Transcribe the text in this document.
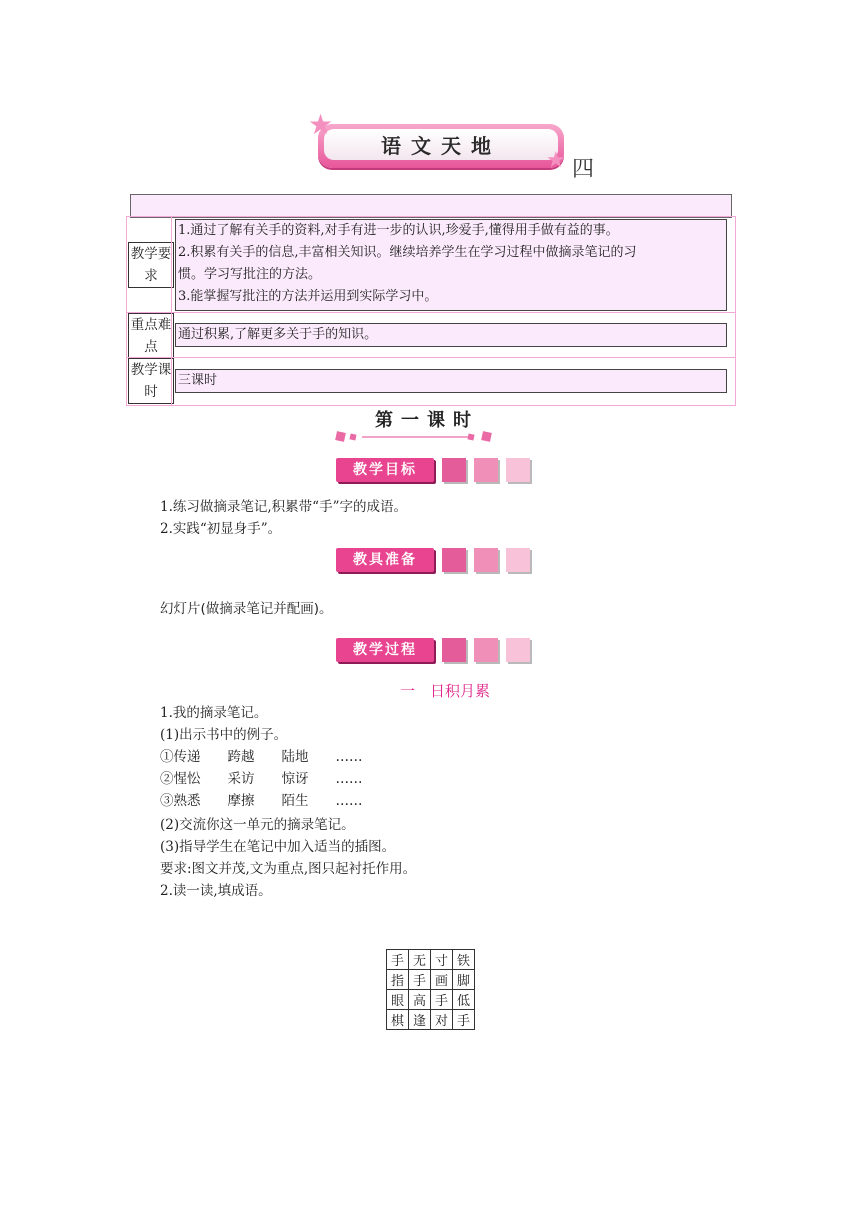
语文天地
★
★ 四
教学要求
1.通过了解有关手的资料,对手有进一步的认识,珍爱手,懂得用手做有益的事。
2.积累有关手的信息,丰富相关知识。继续培养学生在学习过程中做摘录笔记的习
惯。学习写批注的方法。
3.能掌握写批注的方法并运用到实际学习中。
重点难点
通过积累,了解更多关于手的知识。
教学课时
三课时
第一课时
教学目标
1.练习做摘录笔记,积累带“手”字的成语。
2.实践“初显身手”。
教具准备
幻灯片(做摘录笔记并配画)。
教学过程
一　日积月累
1.我的摘录笔记。
(1)出示书中的例子。
①传递　　跨越　　陆地　　……
②惺忪　　采访　　惊讶　　……
③熟悉　　摩擦　　陌生　　……
(2)交流你这一单元的摘录笔记。
(3)指导学生在笔记中加入适当的插图。
要求:图文并茂,文为重点,图只起衬托作用。
2.读一读,填成语。
手	无	寸	铁
指	手	画	脚
眼	高	手	低
棋	逢	对	手
